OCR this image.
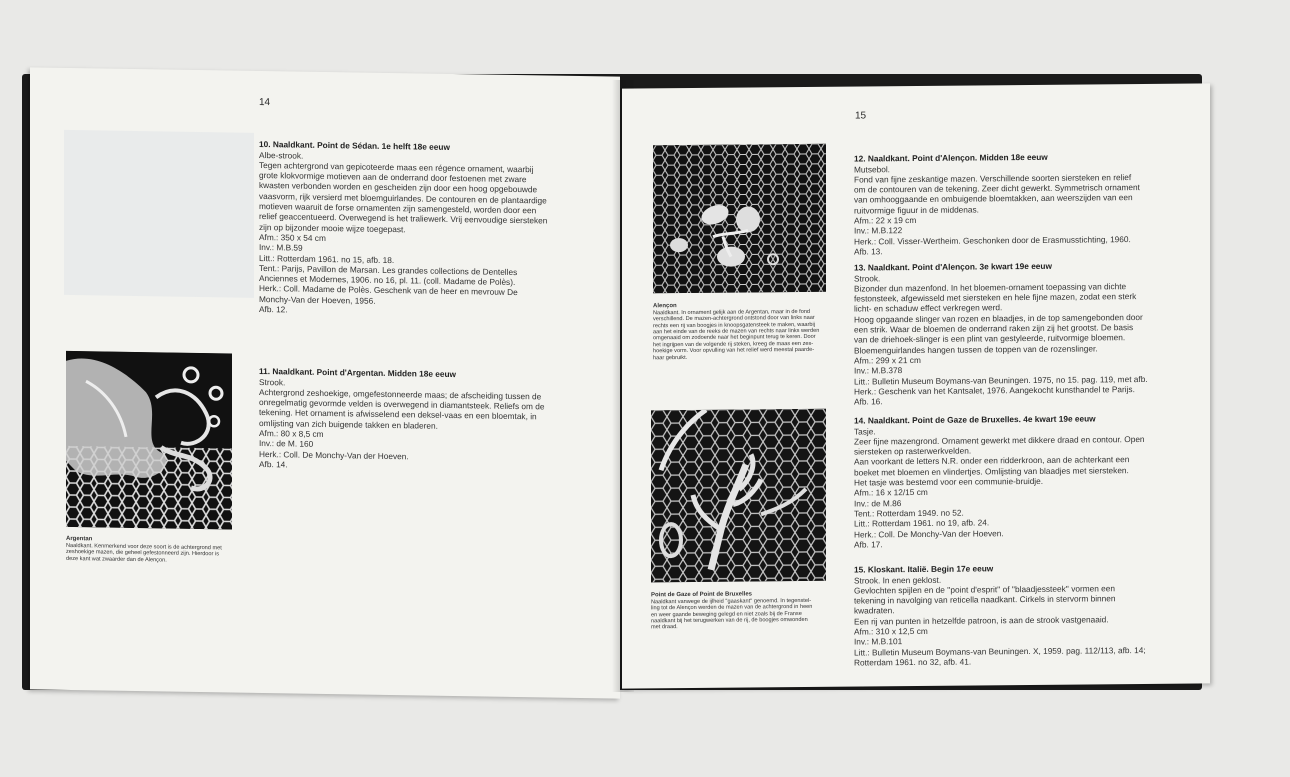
14

10. Naaldkant. Point de Sédan. 1e helft 18e eeuw
Albe-strook.
Tegen achtergrond van gepicoteerde maas een régence ornament, waarbij
grote klokvormige motieven aan de onderrand door festoenen met zware
kwasten verbonden worden en gescheiden zijn door een hoog opgebouwde
vaasvorm, rijk versierd met bloemguirlandes. De contouren en de plantaardige
motieven waaruit de forse ornamenten zijn samengesteld, worden door een
relief geaccentueerd. Overwegend is het traliewerk. Vrij eenvoudige siersteken
zijn op bijzonder mooie wijze toegepast.
Afm.: 350 x 54 cm
Inv.: M.B.59
Litt.: Rotterdam 1961. no 15, afb. 18.
Tent.: Parijs, Pavillon de Marsan. Les grandes collections de Dentelles
Anciennes et Modernes, 1906. no 16, pl. 11. (coll. Madame de Polès).
Herk.: Coll. Madame de Polès. Geschenk van de heer en mevrouw De
Monchy-Van der Hoeven, 1956.
Afb. 12.

Argentan
Naaldkant. Kenmerkend voor deze soort is de achtergrond met
zeshoekige mazen, die geheel gefestonneerd zijn. Hierdoor is
deze kant wat zwaarder dan de Alençon.

11. Naaldkant. Point d'Argentan. Midden 18e eeuw
Strook.
Achtergrond zeshoekige, omgefestonneerde maas; de afscheiding tussen de
onregelmatig gevormde velden is overwegend in diamantsteek. Reliefs om de
tekening. Het ornament is afwisselend een deksel-vaas en een bloemtak, in
omlijsting van zich buigende takken en bladeren.
Afm.: 80 x 8,5 cm
Inv.: de M. 160
Herk.: Coll. De Monchy-Van der Hoeven.
Afb. 14.

15

Alençon
Naaldkant. In ornament gelijk aan de Argentan, maar in de fond
verschillend. De mazen-achtergrond ontstond door van links naar
rechts een rij van boogjes in knoopsgatensteek te maken, waarbij
aan het einde van de reeks de mazen van rechts naar links werden
omgenaaid om zodoende naar het beginpunt terug te keren. Door
het ingrijpen van de volgende rij steken, kreeg de maas een zes-
hoekige vorm. Voor opvulling van het relief werd meestal paarde-
haar gebruikt.

Point de Gaze of Point de Bruxelles
Naaldkant vanwege de ijlheid ''gaaskant'' genoemd. In tegenstel-
ling tot de Alençon werden de mazen van de achtergrond in heen
en weer gaande beweging gelegd en niet zoals bij de Franse
naaldkant bij het terugwerken van de rij, de boogjes omwonden
met draad.

12. Naaldkant. Point d'Alençon. Midden 18e eeuw
Mutsebol.
Fond van fijne zeskantige mazen. Verschillende soorten siersteken en relief
om de contouren van de tekening. Zeer dicht gewerkt. Symmetrisch ornament
van omhooggaande en ombuigende bloemtakken, aan weerszijden van een
ruitvormige figuur in de middenas.
Afm.: 22 x 19 cm
Inv.: M.B.122
Herk.: Coll. Visser-Wertheim. Geschonken door de Erasmusstichting, 1960.
Afb. 13.

13. Naaldkant. Point d'Alençon. 3e kwart 19e eeuw
Strook.
Bizonder dun mazenfond. In het bloemen-ornament toepassing van dichte
festonsteek, afgewisseld met siersteken en hele fijne mazen, zodat een sterk
licht- en schaduw effect verkregen werd.
Hoog opgaande slinger van rozen en blaadjes, in de top samengebonden door
een strik. Waar de bloemen de onderrand raken zijn zij het grootst. De basis
van de driehoek-slinger is een plint van gestyleerde, ruitvormige bloemen.
Bloemenguirlandes hangen tussen de toppen van de rozenslinger.
Afm.: 299 x 21 cm
Inv.: M.B.378
Litt.: Bulletin Museum Boymans-van Beuningen. 1975, no 15. pag. 119, met afb.
Herk.: Geschenk van het Kantsalet, 1976. Aangekocht kunsthandel te Parijs.
Afb. 16.

14. Naaldkant. Point de Gaze de Bruxelles. 4e kwart 19e eeuw
Tasje.
Zeer fijne mazengrond. Ornament gewerkt met dikkere draad en contour. Open
siersteken op rasterwerkvelden.
Aan voorkant de letters N.R. onder een ridderkroon, aan de achterkant een
boeket met bloemen en vlindertjes. Omlijsting van blaadjes met siersteken.
Het tasje was bestemd voor een communie-bruidje.
Afm.: 16 x 12/15 cm
Inv.: de M.86
Tent.: Rotterdam 1949. no 52.
Litt.: Rotterdam 1961. no 19, afb. 24.
Herk.: Coll. De Monchy-Van der Hoeven.
Afb. 17.

15. Kloskant. Italië. Begin 17e eeuw
Strook. In enen geklost.
Gevlochten spijlen en de ''point d'esprit'' of ''blaadjessteek'' vormen een
tekening in navolging van reticella naadkant. Cirkels in stervorm binnen
kwadraten.
Een rij van punten in hetzelfde patroon, is aan de strook vastgenaaid.
Afm.: 310 x 12,5 cm
Inv.: M.B.101
Litt.: Bulletin Museum Boymans-van Beuningen. X, 1959. pag. 112/113, afb. 14;
Rotterdam 1961. no 32, afb. 41.
